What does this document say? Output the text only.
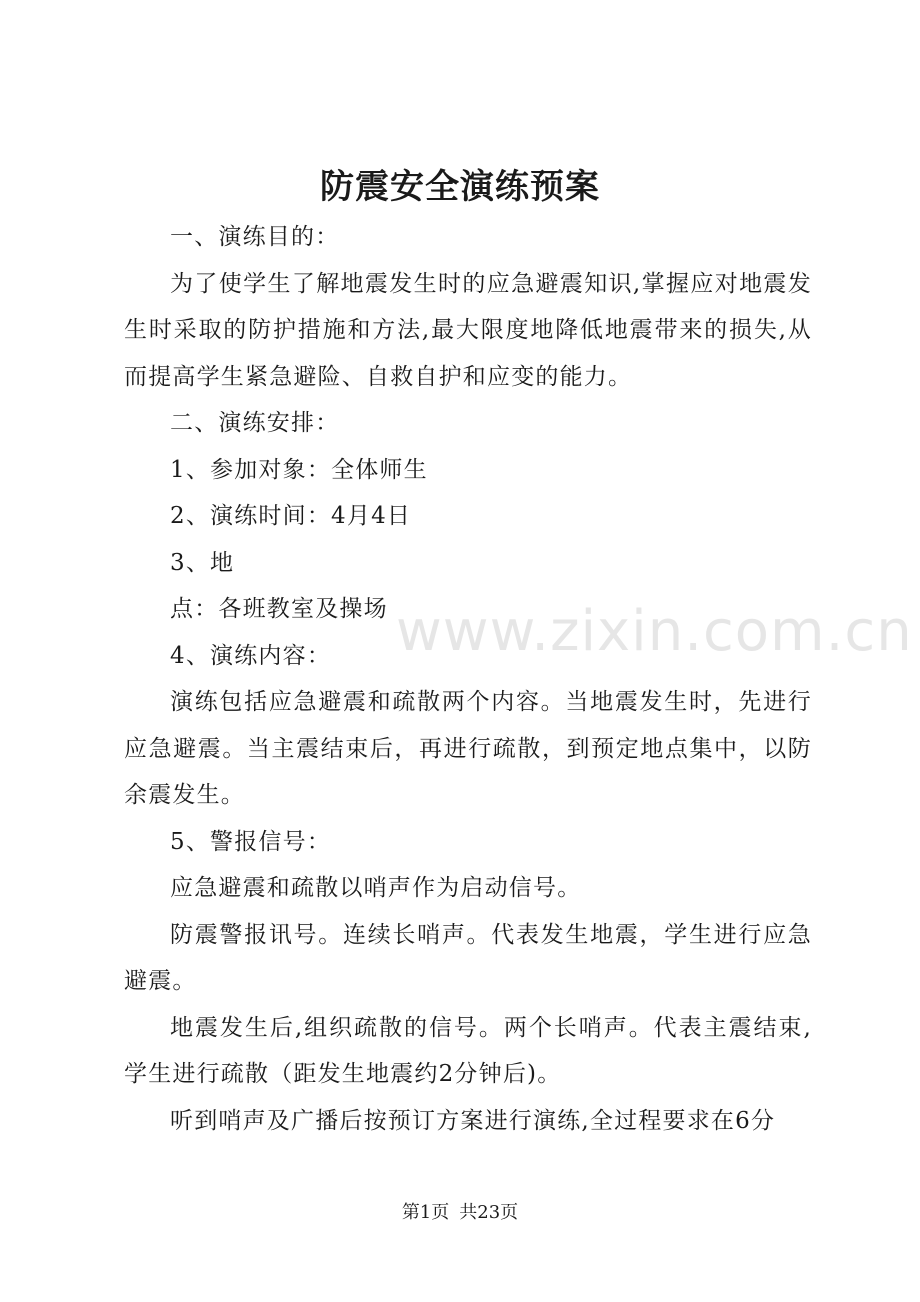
防震安全演练预案

一、演练目的：

为了使学生了解地震发生时的应急避震知识,掌握应对地震发生时采取的防护措施和方法,最大限度地降低地震带来的损失,从而提高学生紧急避险、自救自护和应变的能力。

二、演练安排：

1、参加对象：全体师生

2、演练时间：4月4日

3、地

点：各班教室及操场

4、演练内容：

演练包括应急避震和疏散两个内容。当地震发生时，先进行应急避震。当主震结束后，再进行疏散，到预定地点集中，以防余震发生。

5、警报信号：

应急避震和疏散以哨声作为启动信号。

防震警报讯号。连续长哨声。代表发生地震，学生进行应急避震。

地震发生后,组织疏散的信号。两个长哨声。代表主震结束,学生进行疏散（距发生地震约2分钟后)。

听到哨声及广播后按预订方案进行演练,全过程要求在6分

www.zixin.com.cn
第1页 共23页
